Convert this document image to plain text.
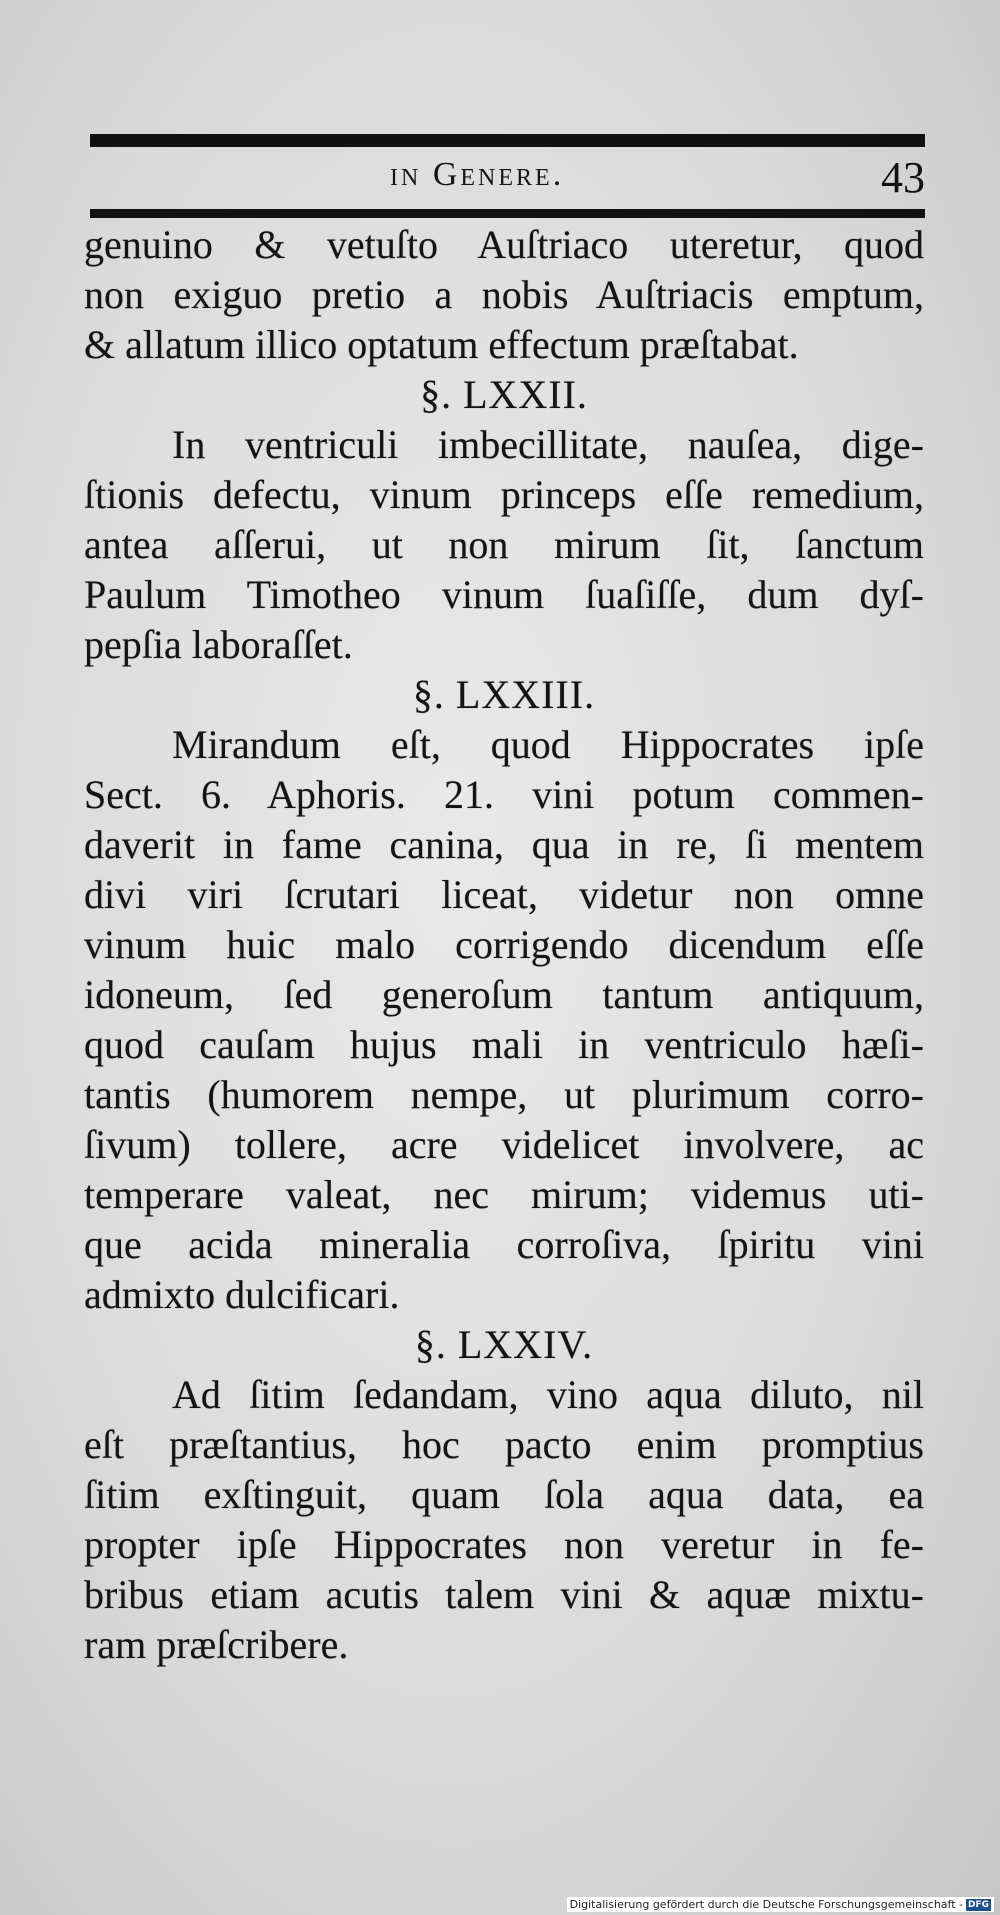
in Genere.	43
genuino & vetuſto Auſtriaco uteretur, quod
non exiguo pretio a nobis Auſtriacis emptum,
& allatum illico optatum effectum præſtabat.
§. LXXII.
In ventriculi imbecillitate, nauſea, dige-
ſtionis defectu, vinum princeps eſſe remedium,
antea aſſerui, ut non mirum ſit, ſanctum
Paulum Timotheo vinum ſuaſiſſe, dum dyſ-
pepſia laboraſſet.
§. LXXIII.
Mirandum eſt, quod Hippocrates ipſe
Sect. 6. Aphoris. 21. vini potum commen-
daverit in fame canina, qua in re, ſi mentem
divi viri ſcrutari liceat, videtur non omne
vinum huic malo corrigendo dicendum eſſe
idoneum, ſed generoſum tantum antiquum,
quod cauſam hujus mali in ventriculo hæſi-
tantis (humorem nempe, ut plurimum corro-
ſivum) tollere, acre videlicet involvere, ac
temperare valeat, nec mirum; videmus uti-
que acida mineralia corroſiva, ſpiritu vini
admixto dulcificari.
§. LXXIV.
Ad ſitim ſedandam, vino aqua diluto, nil
eſt præſtantius, hoc pacto enim promptius
ſitim exſtinguit, quam ſola aqua data, ea
propter ipſe Hippocrates non veretur in fe-
bribus etiam acutis talem vini & aquæ mixtu-
ram præſcribere.
Digitalisierung gefördert durch die Deutsche Forschungsgemeinschaft - DFG
